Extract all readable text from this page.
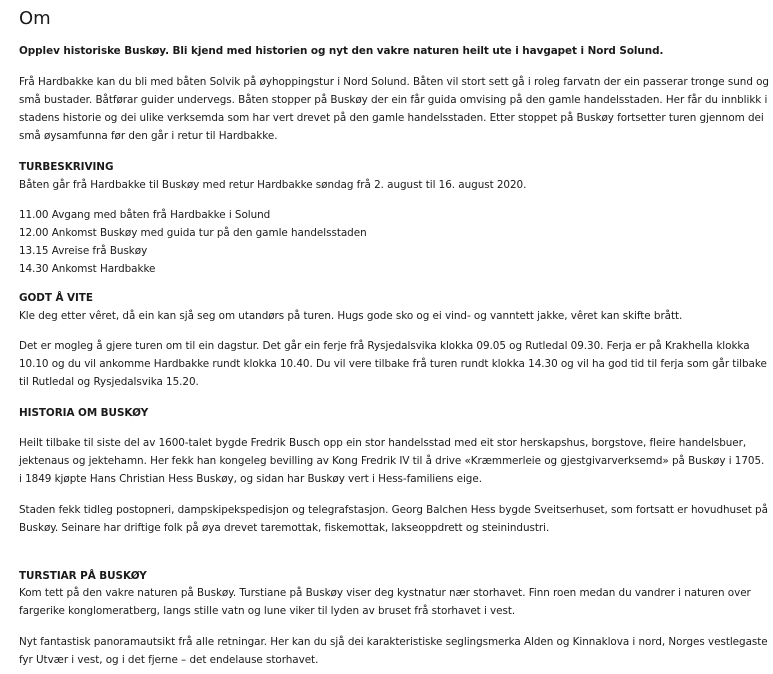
Om
Opplev historiske Buskøy. Bli kjend med historien og nyt den vakre naturen heilt ute i havgapet i Nord Solund.
Frå Hardbakke kan du bli med båten Solvik på øyhoppingstur i Nord Solund. Båten vil stort sett gå i roleg farvatn der ein passerar tronge sund og små bustader. Båtførar guider undervegs. Båten stopper på Buskøy der ein får guida omvising på den gamle handelsstaden. Her får du innblikk i stadens historie og dei ulike verksemda som har vert drevet på den gamle handelsstaden. Etter stoppet på Buskøy fortsetter turen gjennom dei små øysamfunna før den går i retur til Hardbakke.
TURBESKRIVING
Båten går frå Hardbakke til Buskøy med retur Hardbakke søndag frå 2. august til 16. august 2020.
11.00 Avgang med båten frå Hardbakke i Solund
12.00 Ankomst Buskøy med guida tur på den gamle handelsstaden
13.15 Avreise frå Buskøy
14.30 Ankomst Hardbakke
GODT Å VITE
Kle deg etter vêret, då ein kan sjå seg om utandørs på turen. Hugs gode sko og ei vind- og vanntett jakke, vêret kan skifte brått.
Det er mogleg å gjere turen om til ein dagstur. Det går ein ferje frå Rysjedalsvika klokka 09.05 og Rutledal 09.30. Ferja er på Krakhella klokka 10.10 og du vil ankomme Hardbakke rundt klokka 10.40. Du vil vere tilbake frå turen rundt klokka 14.30 og vil ha god tid til ferja som går tilbake til Rutledal og Rysjedalsvika 15.20.
HISTORIA OM BUSKØY
Heilt tilbake til siste del av 1600-talet bygde Fredrik Busch opp ein stor handelsstad med eit stor herskapshus, borgstove, fleire handelsbuer, jektenaus og jektehamn. Her fekk han kongeleg bevilling av Kong Fredrik IV til å drive «Kræmmerleie og gjestgivarverksemd» på Buskøy i 1705. i 1849 kjøpte Hans Christian Hess Buskøy, og sidan har Buskøy vert i Hess-familiens eige.
Staden fekk tidleg postopneri, dampskipekspedisjon og telegrafstasjon. Georg Balchen Hess bygde Sveitserhuset, som fortsatt er hovudhuset på Buskøy. Seinare har driftige folk på øya drevet taremottak, fiskemottak, lakseoppdrett og steinindustri.
TURSTIAR PÅ BUSKØY
Kom tett på den vakre naturen på Buskøy. Turstiane på Buskøy viser deg kystnatur nær storhavet. Finn roen medan du vandrer i naturen over fargerike konglomeratberg, langs stille vatn og lune viker til lyden av bruset frå storhavet i vest.
Nyt fantastisk panoramautsikt frå alle retningar. Her kan du sjå dei karakteristiske seglingsmerka Alden og Kinnaklova i nord, Norges vestlegaste fyr Utvær i vest, og i det fjerne – det endelause storhavet.
